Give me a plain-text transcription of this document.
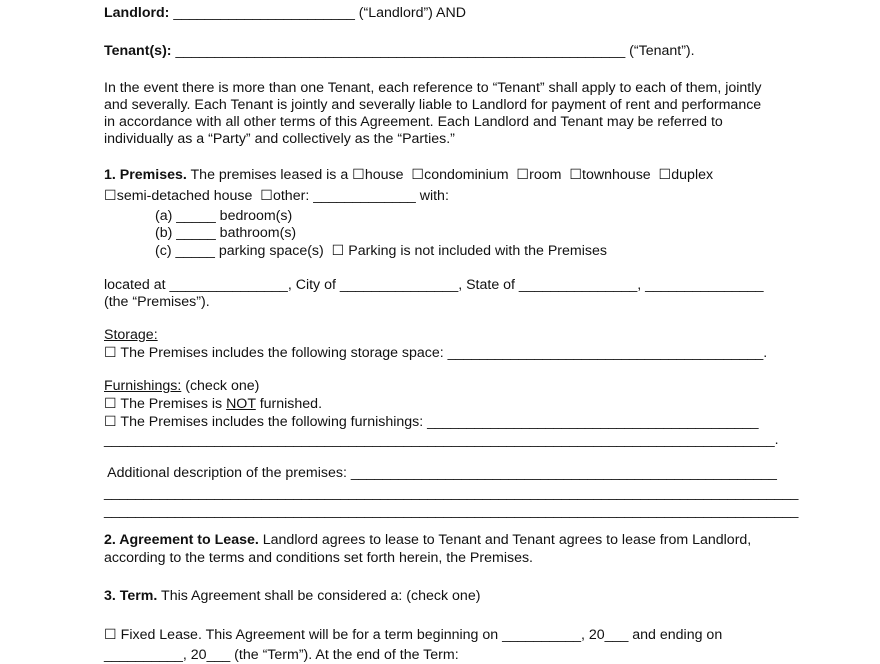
Landlord: _______________________ (“Landlord”) AND
Tenant(s): _________________________________________________________ (“Tenant”).
In the event there is more than one Tenant, each reference to “Tenant” shall apply to each of them, jointly
and severally. Each Tenant is jointly and severally liable to Landlord for payment of rent and performance
in accordance with all other terms of this Agreement. Each Landlord and Tenant may be referred to
individually as a “Party” and collectively as the “Parties.”
1. Premises. The premises leased is a ☐house  ☐condominium  ☐room  ☐townhouse  ☐duplex
☐semi-detached house  ☐other: _____________ with:
(a) _____ bedroom(s)
(b) _____ bathroom(s)
(c) _____ parking space(s)  ☐ Parking is not included with the Premises
located at _______________, City of _______________, State of _______________, _______________
(the “Premises”).
Storage:
☐ The Premises includes the following storage space: ________________________________________.
Furnishings: (check one)
☐ The Premises is NOT furnished.
☐ The Premises includes the following furnishings: __________________________________________
_____________________________________________________________________________________.
Additional description of the premises: ______________________________________________________
________________________________________________________________________________________
________________________________________________________________________________________
2. Agreement to Lease. Landlord agrees to lease to Tenant and Tenant agrees to lease from Landlord,
according to the terms and conditions set forth herein, the Premises.
3. Term. This Agreement shall be considered a: (check one)
☐ Fixed Lease. This Agreement will be for a term beginning on __________, 20___ and ending on
__________, 20___ (the “Term”). At the end of the Term:
